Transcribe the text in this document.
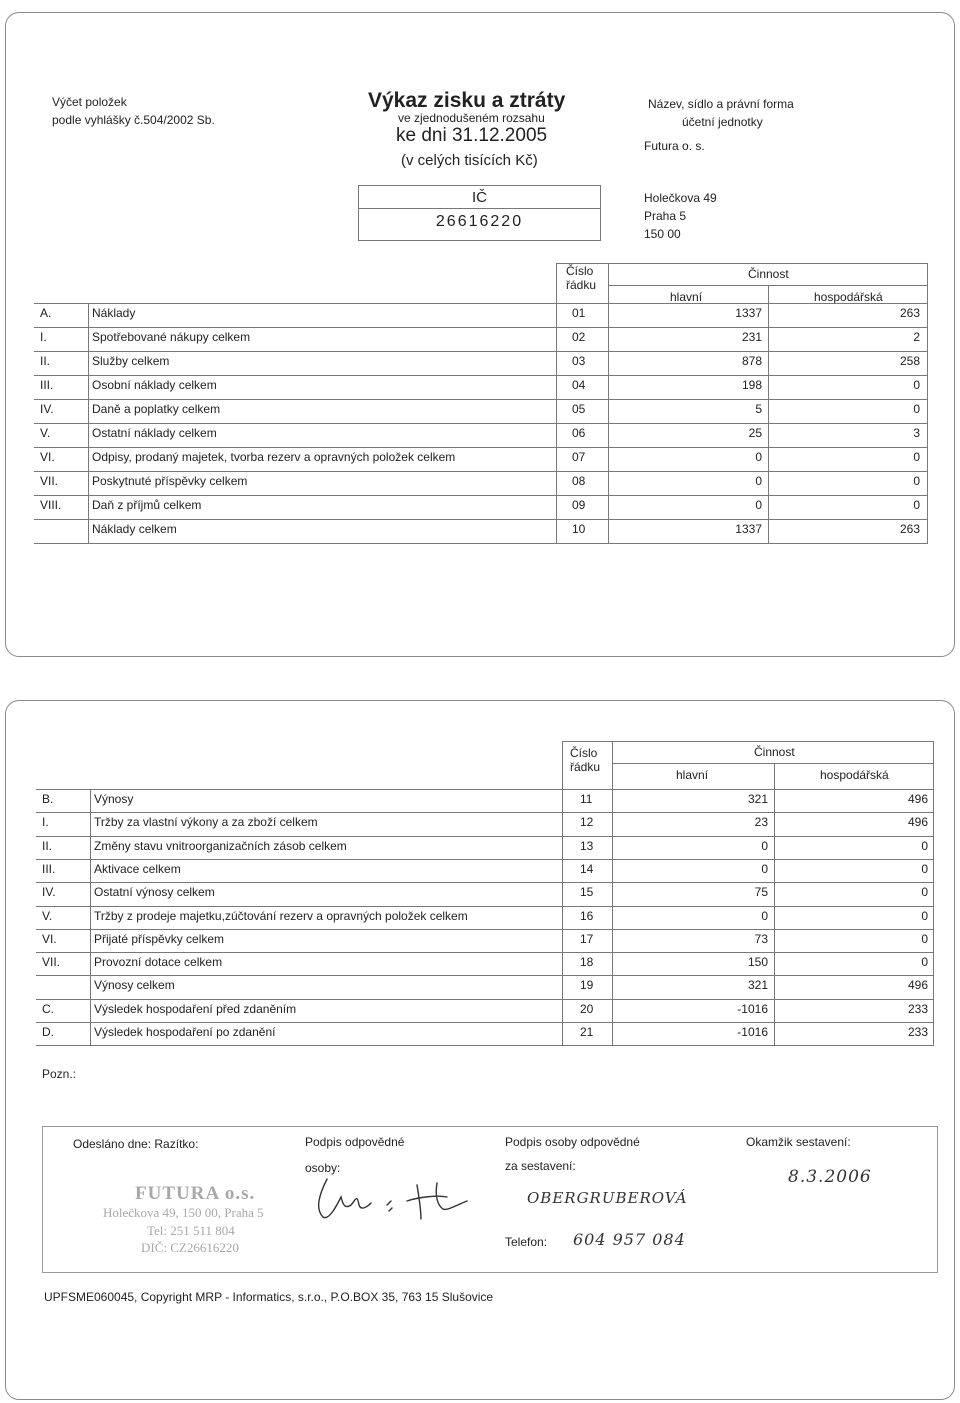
Výčet položek
podle vyhlášky č.504/2002 Sb.
Výkaz zisku a ztráty
ve zjednodušeném rozsahu
ke dni 31.12.2005
(v celých tisících Kč)
IČ
26616220
Název, sídlo a právní forma
účetní jednotky
Futura o. s.
Holečkova 49
Praha 5
150 00
Číslo
řádku
Činnost
hlavní	hospodářská
A.	Náklady	01	1337	263
I.	Spotřebované nákupy celkem	02	231	2
II.	Služby celkem	03	878	258
III.	Osobní náklady celkem	04	198	0
IV.	Daně a poplatky celkem	05	5	0
V.	Ostatní náklady celkem	06	25	3
VI.	Odpisy, prodaný majetek, tvorba rezerv a opravných položek celkem	07	0	0
VII.	Poskytnuté příspěvky celkem	08	0	0
VIII.	Daň z příjmů celkem	09	0	0
Náklady celkem	10	1337	263
Číslo
řádku
Činnost
hlavní	hospodářská
B.	Výnosy	11	321	496
I.	Tržby za vlastní výkony a za zboží celkem	12	23	496
II.	Změny stavu vnitroorganizačních zásob celkem	13	0	0
III.	Aktivace celkem	14	0	0
IV.	Ostatní výnosy celkem	15	75	0
V.	Tržby z prodeje majetku,zúčtování rezerv a opravných položek celkem	16	0	0
VI.	Přijaté příspěvky celkem	17	73	0
VII.	Provozní dotace celkem	18	150	0
Výnosy celkem	19	321	496
C.	Výsledek hospodaření před zdaněním	20	-1016	233
D.	Výsledek hospodaření po zdanění	21	-1016	233
Pozn.:
Odesláno dne: Razítko:	Podpis odpovědné
osoby:
Podpis osoby odpovědné
za sestavení:
Okamžik sestavení:
8.3.2006
OBERGRUBEROVÁ
Telefon: 604 957 084
FUTURA o.s.
Holečkova 49, 150 00, Praha 5
Tel: 251 511 804
DIČ: CZ26616220
UPFSME060045, Copyright MRP - Informatics, s.r.o., P.O.BOX 35, 763 15 Slušovice
